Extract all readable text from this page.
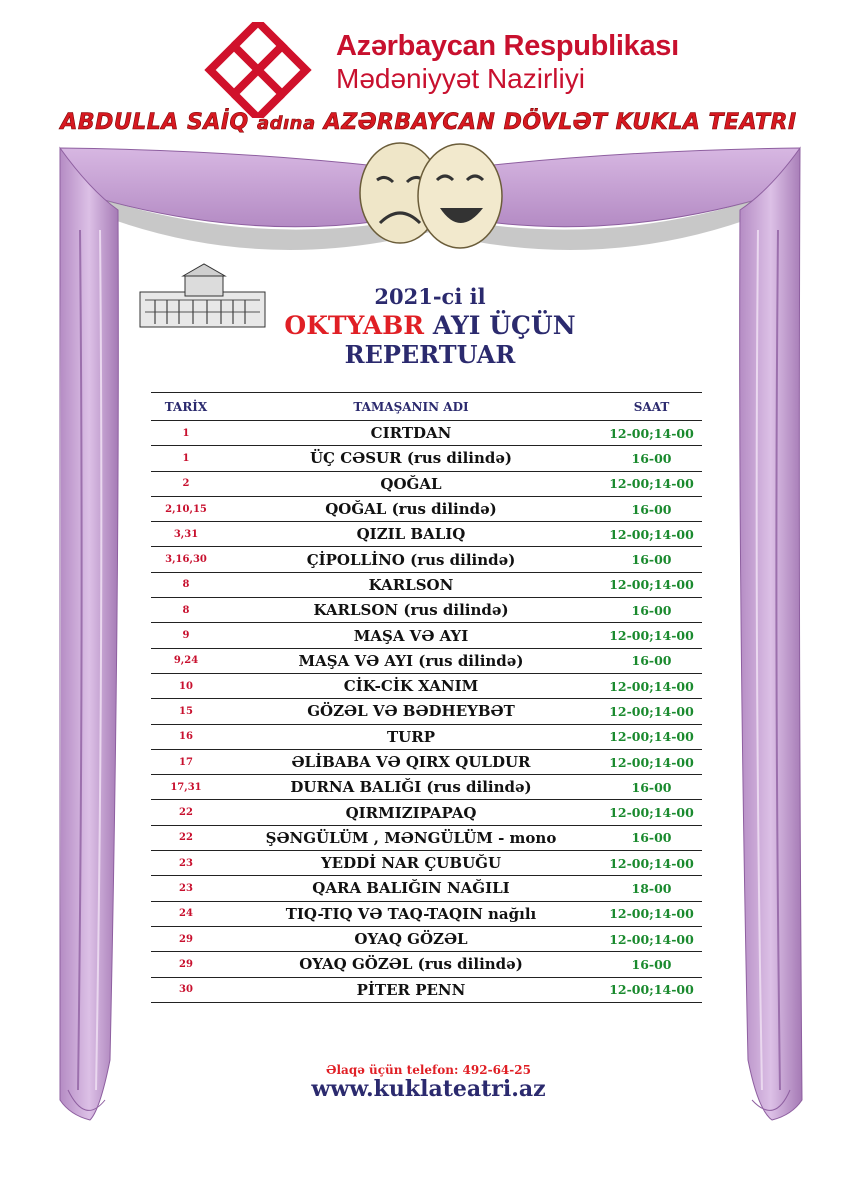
Azərbaycan Respublikası
Mədəniyyət Nazirliyi
ABDULLA SAİQ adına AZƏRBAYCAN DÖVLƏT KUKLA TEATRI
2021-ci il
OKTYABR AYI ÜÇÜN
REPERTUAR
TARİX	TAMAŞANIN ADI	SAAT
1	CIRTDAN	12-00;14-00
1	ÜÇ CƏSUR (rus dilində)	16-00
2	QOĞAL	12-00;14-00
2,10,15	QOĞAL (rus dilində)	16-00
3,31	QIZIL BALIQ	12-00;14-00
3,16,30	ÇİPOLLİNO (rus dilində)	16-00
8	KARLSON	12-00;14-00
8	KARLSON (rus dilində)	16-00
9	MAŞA VƏ AYI	12-00;14-00
9,24	MAŞA VƏ AYI (rus dilində)	16-00
10	CİK-CİK XANIM	12-00;14-00
15	GÖZƏL VƏ BƏDHEYBƏT	12-00;14-00
16	TURP	12-00;14-00
17	ƏLİBABA VƏ QIRX QULDUR	12-00;14-00
17,31	DURNA BALIĞI (rus dilində)	16-00
22	QIRMIZIPAPAQ	12-00;14-00
22	ŞƏNGÜLÜM , MƏNGÜLÜM - mono	16-00
23	YEDDİ NAR ÇUBUĞU	12-00;14-00
23	QARA BALIĞIN NAĞILI	18-00
24	TIQ-TIQ VƏ TAQ-TAQIN nağılı	12-00;14-00
29	OYAQ GÖZƏL	12-00;14-00
29	OYAQ GÖZƏL (rus dilində)	16-00
30	PİTER PENN	12-00;14-00
Əlaqə üçün telefon: 492-64-25
www.kuklateatri.az
